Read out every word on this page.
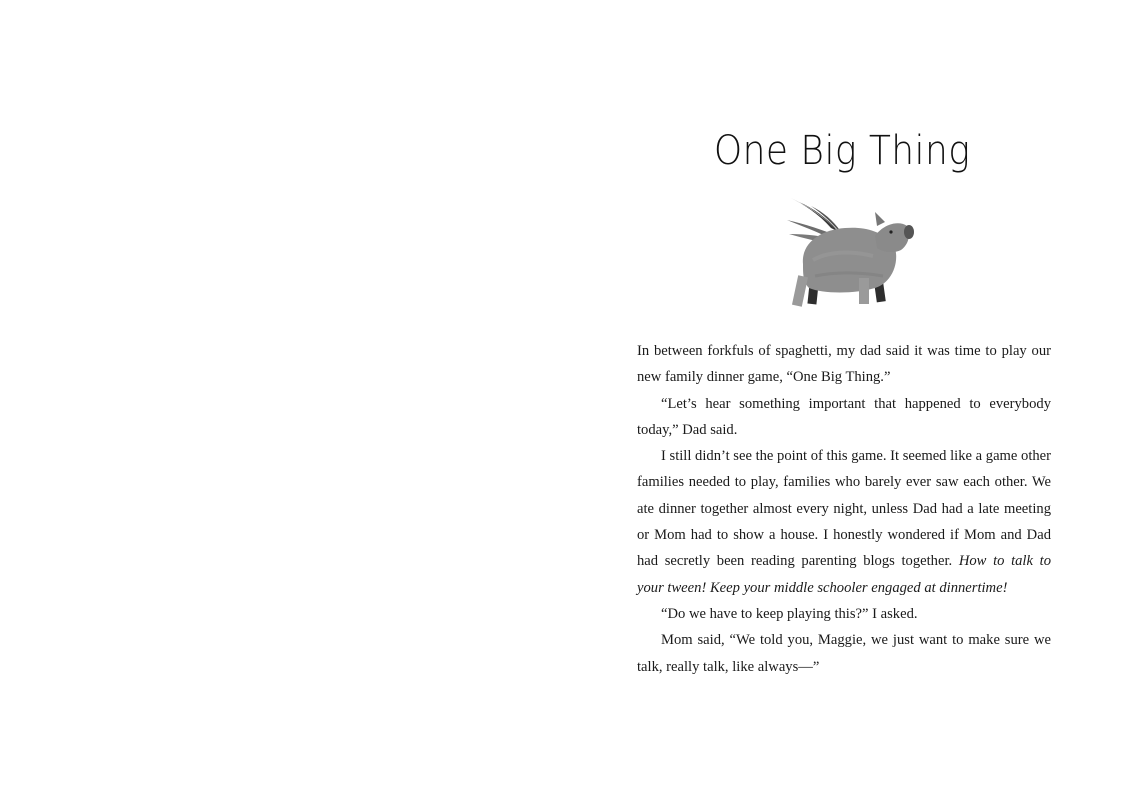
One Big Thing

In between forkfuls of spaghetti, my dad said it was time to play our new family dinner game, “One Big Thing.”

“Let’s hear something important that happened to everybody today,” Dad said.

I still didn’t see the point of this game. It seemed like a game other families needed to play, families who barely ever saw each other. We ate dinner together almost every night, unless Dad had a late meeting or Mom had to show a house. I honestly wondered if Mom and Dad had secretly been reading parenting blogs together. How to talk to your tween! Keep your middle schooler engaged at dinnertime!

“Do we have to keep playing this?” I asked.

Mom said, “We told you, Maggie, we just want to make sure we talk, really talk, like always—”
